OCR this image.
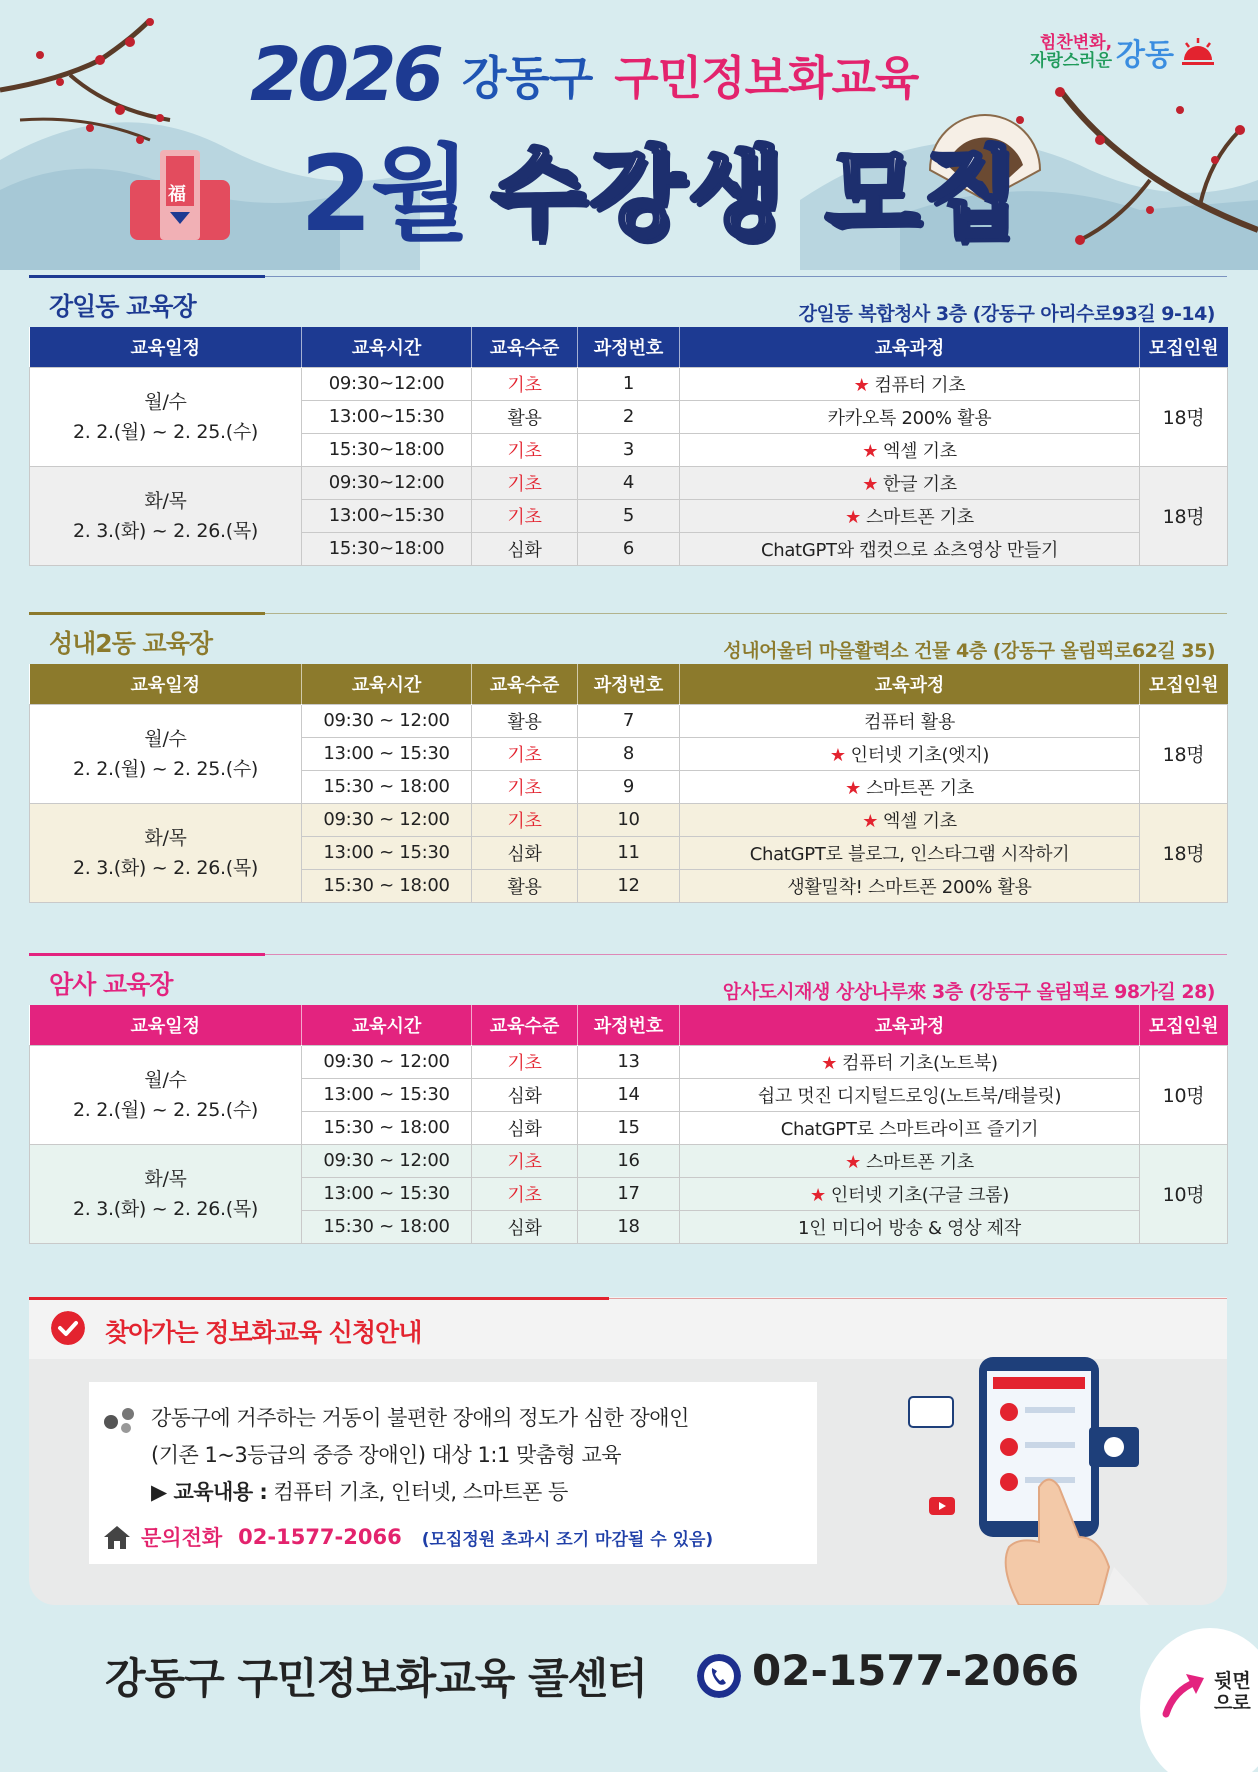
福
2026 강동구 구민정보화교육
2월 수강생 모집
힘찬변화,
자랑스러운 강동
강일동 교육장	강일동 복합청사 3층 (강동구 아리수로93길 9-14)
교육일정	교육시간	교육수준	과정번호	교육과정	모집인원

월/수
2. 2.(월) ~ 2. 25.(수)	09:30~12:00	기초	1	★ 컴퓨터 기초	18명
	13:00~15:30	활용	2	카카오톡 200% 활용	
	15:30~18:00	기초	3	★ 엑셀 기초	

화/목
2. 3.(화) ~ 2. 26.(목)	09:30~12:00	기초	4	★ 한글 기초	18명
	13:00~15:30	기초	5	★ 스마트폰 기초	
	15:30~18:00	심화	6	ChatGPT와 캡컷으로 쇼츠영상 만들기	
성내2동 교육장	성내어울터 마을활력소 건물 4층 (강동구 올림픽로62길 35)
교육일정	교육시간	교육수준	과정번호	교육과정	모집인원

월/수
2. 2.(월) ~ 2. 25.(수)	09:30 ~ 12:00	활용	7	컴퓨터 활용	18명
	13:00 ~ 15:30	기초	8	★ 인터넷 기초(엣지)	
	15:30 ~ 18:00	기초	9	★ 스마트폰 기초	

화/목
2. 3.(화) ~ 2. 26.(목)	09:30 ~ 12:00	기초	10	★ 엑셀 기초	18명
	13:00 ~ 15:30	심화	11	ChatGPT로 블로그, 인스타그램 시작하기	
	15:30 ~ 18:00	활용	12	생활밀착! 스마트폰 200% 활용	
암사 교육장	암사도시재생 상상나루來 3층 (강동구 올림픽로 98가길 28)
교육일정	교육시간	교육수준	과정번호	교육과정	모집인원

월/수
2. 2.(월) ~ 2. 25.(수)	09:30 ~ 12:00	기초	13	★ 컴퓨터 기초(노트북)	10명
	13:00 ~ 15:30	심화	14	쉽고 멋진 디지털드로잉(노트북/태블릿)	
	15:30 ~ 18:00	심화	15	ChatGPT로 스마트라이프 즐기기	

화/목
2. 3.(화) ~ 2. 26.(목)	09:30 ~ 12:00	기초	16	★ 스마트폰 기초	10명
	13:00 ~ 15:30	기초	17	★ 인터넷 기초(구글 크롬)	
	15:30 ~ 18:00	심화	18	1인 미디어 방송 & 영상 제작	
찾아가는 정보화교육 신청안내
강동구에 거주하는 거동이 불편한 장애의 정도가 심한 장애인
(기존 1~3등급의 중증 장애인) 대상 1:1 맞춤형 교육
▶ 교육내용 : 컴퓨터 기초, 인터넷, 스마트폰 등
문의전화 02-1577-2066 (모집정원 초과시 조기 마감될 수 있음)
강동구 구민정보화교육 콜센터	02-1577-2066	뒷면
으로
